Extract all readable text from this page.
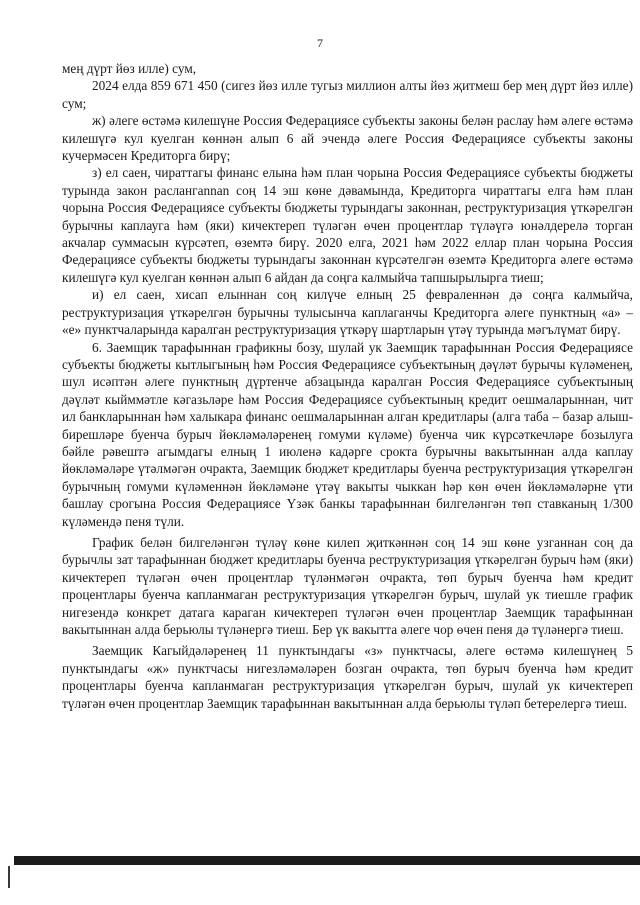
7

мең дүрт йөз илле) сум,

2024 елда 859 671 450 (сигез йөз илле тугыз миллион алты йөз җитмеш бер мең дүрт йөз илле) сум;

ж) әлеге өстәмә килешүне Россия Федерациясе субъекты законы белән раслау һәм әлеге өстәмә килешүгә кул куелган көннән алып 6 ай эчендә әлеге Россия Федерациясе субъекты законы кучермәсен Кредиторга бирү;

з) ел саен, чираттагы финанс елына һәм план чорына Россия Федерациясе субъекты бюджеты турында закон раслангannan соң 14 эш көне дәвамында, Кредиторга чираттагы елга һәм план чорына Россия Федерациясе субъекты бюджеты турындагы законнан, реструктуризация үткәрелгән бурычны каплауга һәм (яки) кичектереп түләгән өчен процентлар түләүгә юнәлдерелә торган акчалар суммасын күрсәтеп, өземтә бирү. 2020 елга, 2021 һәм 2022 еллар план чорына Россия Федерациясе субъекты бюджеты турындагы законнан күрсәтелгән өземтә Кредиторга әлеге өстәмә килешүгә кул куелган көннән алып 6 айдан да соңга калмыйча тапшырылырга тиеш;

и) ел саен, хисап елыннан соң килүче елның 25 февраленнән дә соңга калмыйча, реструктуризация үткәрелгән бурычны тулысынча каплаганчы Кредиторга әлеге пунктның «а» – «е» пунктчаларында каралган реструктуризация үткәрү шартларын үтәү турында мәгълүмат бирү.

6. Заемщик тарафыннан графикны бозу, шулай ук Заемщик тарафыннан Россия Федерациясе субъекты бюджеты кытлыгының һәм Россия Федерациясе субъектының дәүләт бурычы күләменең, шул исәптән әлеге пунктның дүртенче абзацында каралган Россия Федерациясе субъектының дәүләт кыйммәтле кәгазьләре һәм Россия Федерациясе субъектының кредит оешмаларыннан, чит ил банкларыннан һәм халыкара финанс оешмаларыннан алган кредитлары (алга таба – базар алыш-бирешләре буенча бурыч йөкләмәләренең гомуми күләме) буенча чик күрсәткечләре бозылуга бәйле рәвештә агымдагы елның 1 июленә кадәрге срокта бурычны вакытыннан алда каплау йөкләмәләре үтәлмәгән очракта, Заемщик бюджет кредитлары буенча реструктуризация үткәрелгән бурычның гомуми күләменнән йөкләмәне үтәү вакыты чыккан һәр көн өчен йөкләмәләрне үти башлау срогына Россия Федерациясе Үзәк банкы тарафыннан билгеләнгән төп ставканың 1/300 күләмендә пеня түли.

График белән билгеләнгән түләү көне килеп җиткәннән соң 14 эш көне узганнан соң да бурычлы зат тарафыннан бюджет кредитлары буенча реструктуризация үткәрелгән бурыч һәм (яки) кичектереп түләгән өчен процентлар түләнмәгән очракта, төп бурыч буенча һәм кредит процентлары буенча капланмаган реструктуризация үткәрелгән бурыч, шулай ук тиешле график нигезендә конкрет датага караган кичектереп түләгән өчен процентлар Заемщик тарафыннан вакытыннан алда берьюлы түләнергә тиеш. Бер үк вакытта әлеге чор өчен пеня дә түләнергә тиеш.

Заемщик Кагыйдәләренең 11 пунктындагы «з» пунктчасы, әлеге өстәмә килешүнең 5 пунктындагы «ж» пунктчасы нигезләмәләрен бозган очракта, төп бурыч буенча һәм кредит процентлары буенча капланмаган реструктуризация үткәрелгән бурыч, шулай ук кичектереп түләгән өчен процентлар Заемщик тарафыннан вакытыннан алда берьюлы түләп бетерелергә тиеш.
